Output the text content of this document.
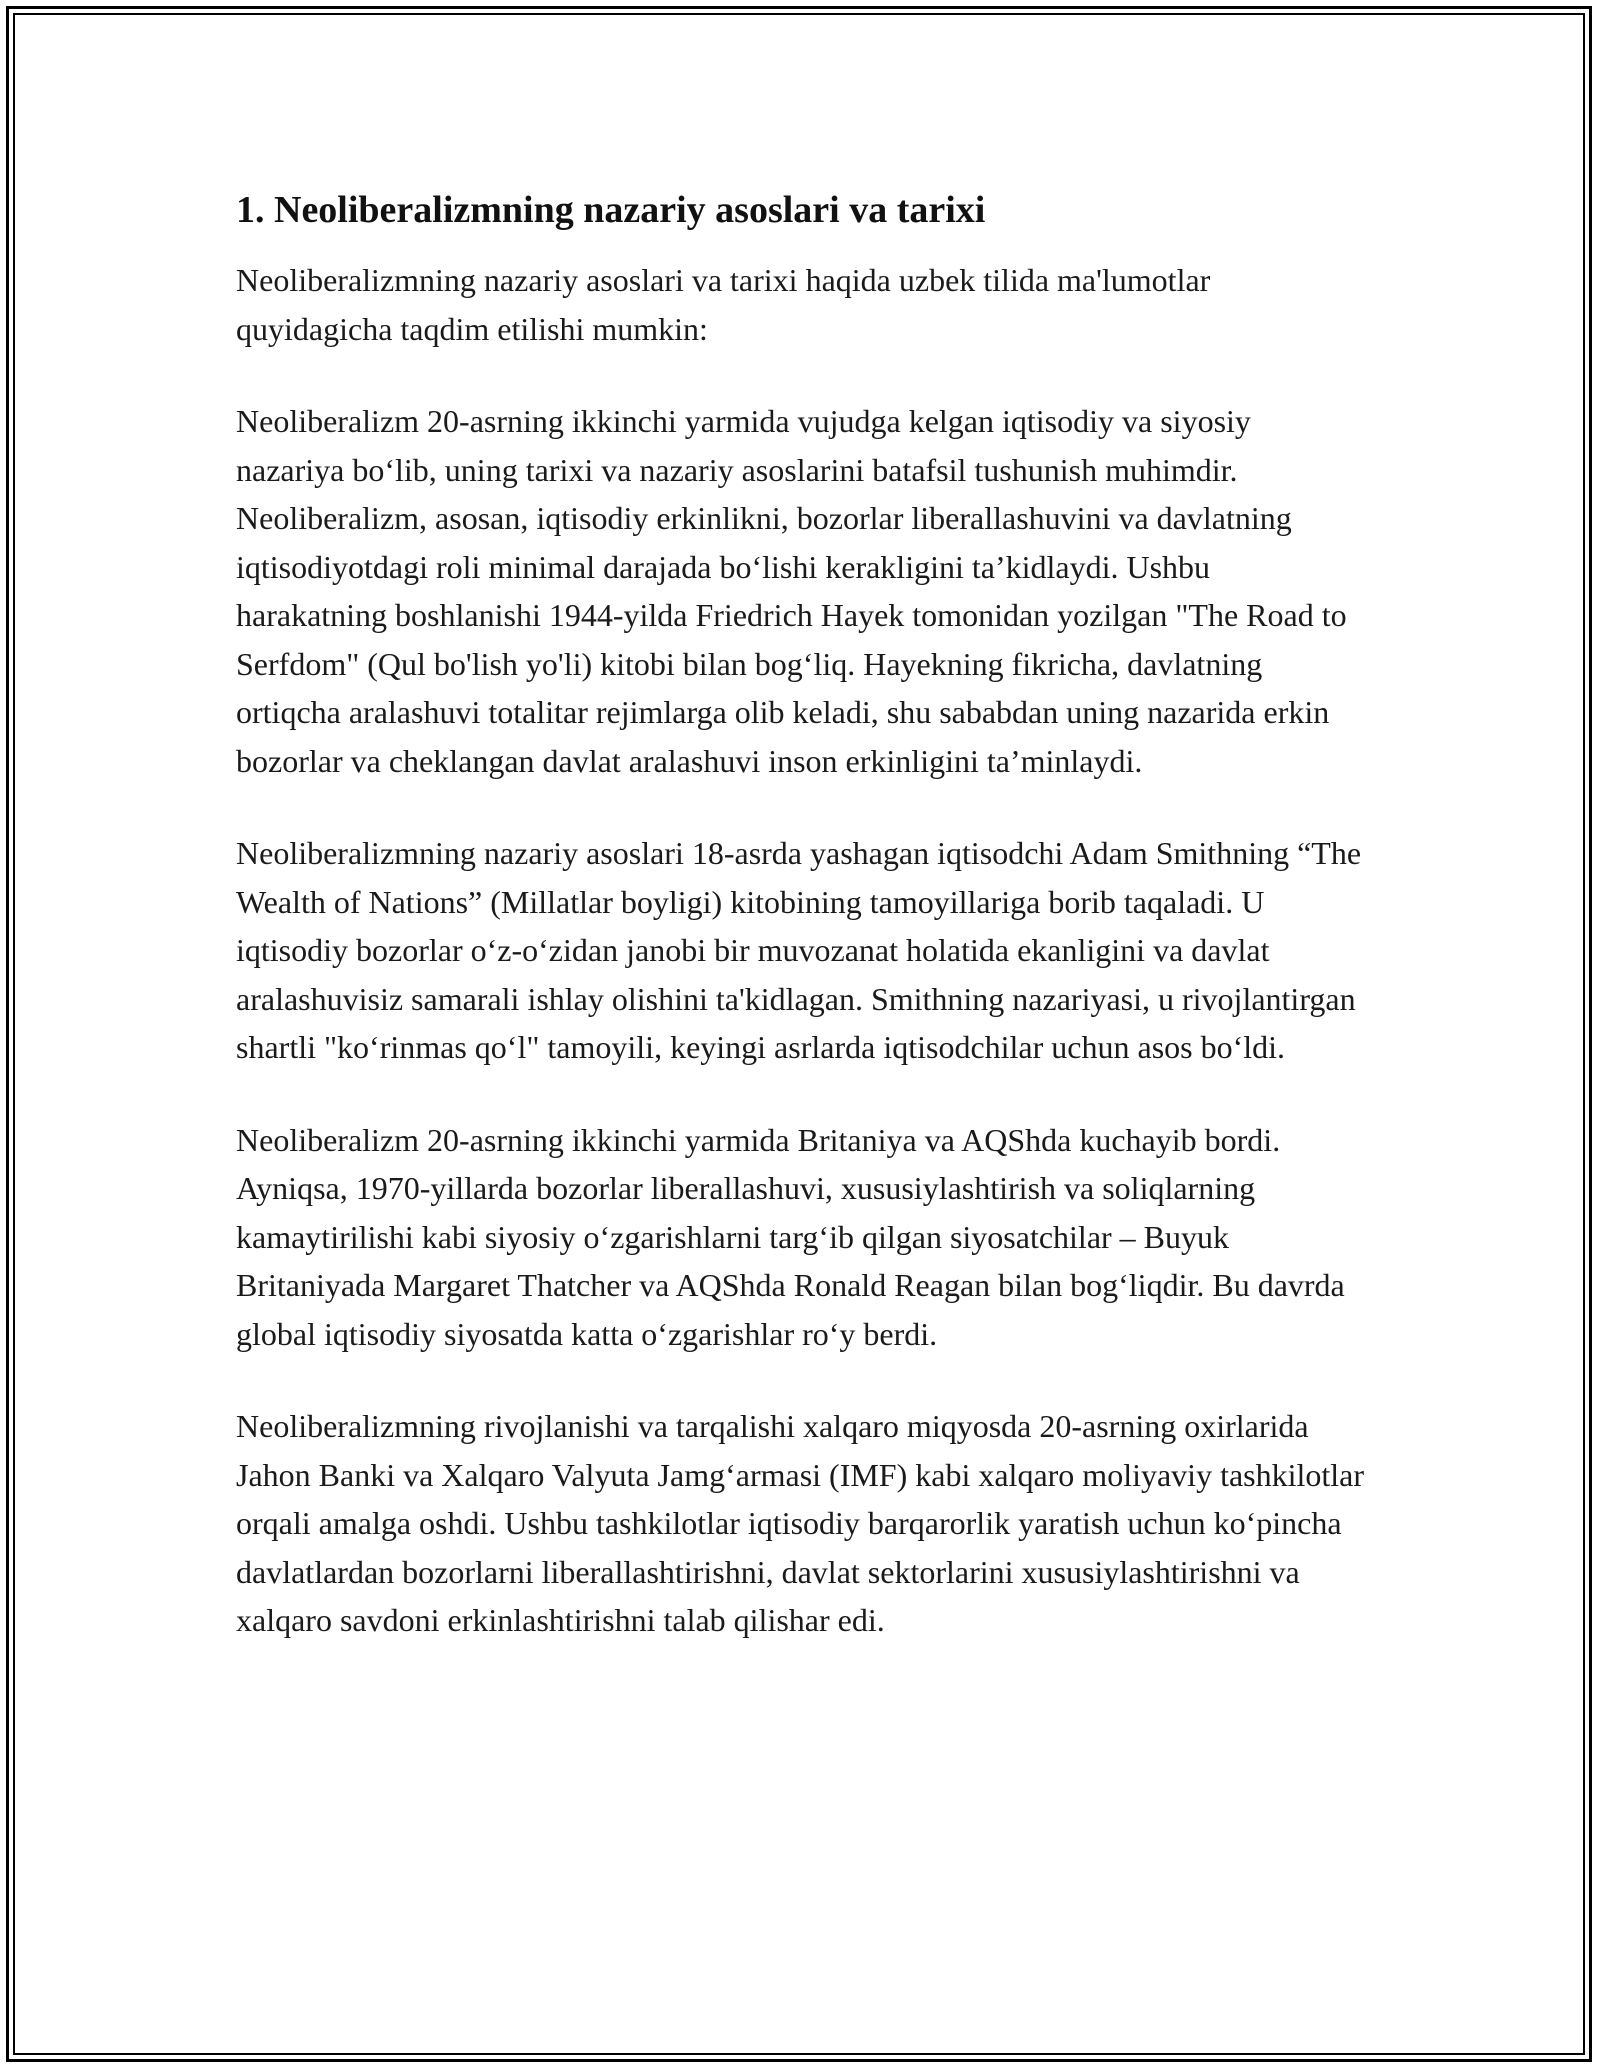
1. Neoliberalizmning nazariy asoslari va tarixi

Neoliberalizmning nazariy asoslari va tarixi haqida uzbek tilida ma'lumotlar quyidagicha taqdim etilishi mumkin:

Neoliberalizm 20-asrning ikkinchi yarmida vujudga kelgan iqtisodiy va siyosiy nazariya bo‘lib, uning tarixi va nazariy asoslarini batafsil tushunish muhimdir. Neoliberalizm, asosan, iqtisodiy erkinlikni, bozorlar liberallashuvini va davlatning iqtisodiyotdagi roli minimal darajada bo‘lishi kerakligini ta’kidlaydi. Ushbu harakatning boshlanishi 1944-yilda Friedrich Hayek tomonidan yozilgan "The Road to Serfdom" (Qul bo'lish yo'li) kitobi bilan bog‘liq. Hayekning fikricha, davlatning ortiqcha aralashuvi totalitar rejimlarga olib keladi, shu sababdan uning nazarida erkin bozorlar va cheklangan davlat aralashuvi inson erkinligini ta’minlaydi.

Neoliberalizmning nazariy asoslari 18-asrda yashagan iqtisodchi Adam Smithning “The Wealth of Nations” (Millatlar boyligi) kitobining tamoyillariga borib taqaladi. U iqtisodiy bozorlar o‘z-o‘zidan janobi bir muvozanat holatida ekanligini va davlat aralashuvisiz samarali ishlay olishini ta'kidlagan. Smithning nazariyasi, u rivojlantirgan shartli "ko‘rinmas qo‘l" tamoyili, keyingi asrlarda iqtisodchilar uchun asos bo‘ldi.

Neoliberalizm 20-asrning ikkinchi yarmida Britaniya va AQShda kuchayib bordi. Ayniqsa, 1970-yillarda bozorlar liberallashuvi, xususiylashtirish va soliqlarning kamaytirilishi kabi siyosiy o‘zgarishlarni targ‘ib qilgan siyosatchilar – Buyuk Britaniyada Margaret Thatcher va AQShda Ronald Reagan bilan bog‘liqdir. Bu davrda global iqtisodiy siyosatda katta o‘zgarishlar ro‘y berdi.

Neoliberalizmning rivojlanishi va tarqalishi xalqaro miqyosda 20-asrning oxirlarida Jahon Banki va Xalqaro Valyuta Jamg‘armasi (IMF) kabi xalqaro moliyaviy tashkilotlar orqali amalga oshdi. Ushbu tashkilotlar iqtisodiy barqarorlik yaratish uchun ko‘pincha davlatlardan bozorlarni liberallashtirishni, davlat sektorlarini xususiylashtirishni va xalqaro savdoni erkinlashtirishni talab qilishar edi.
